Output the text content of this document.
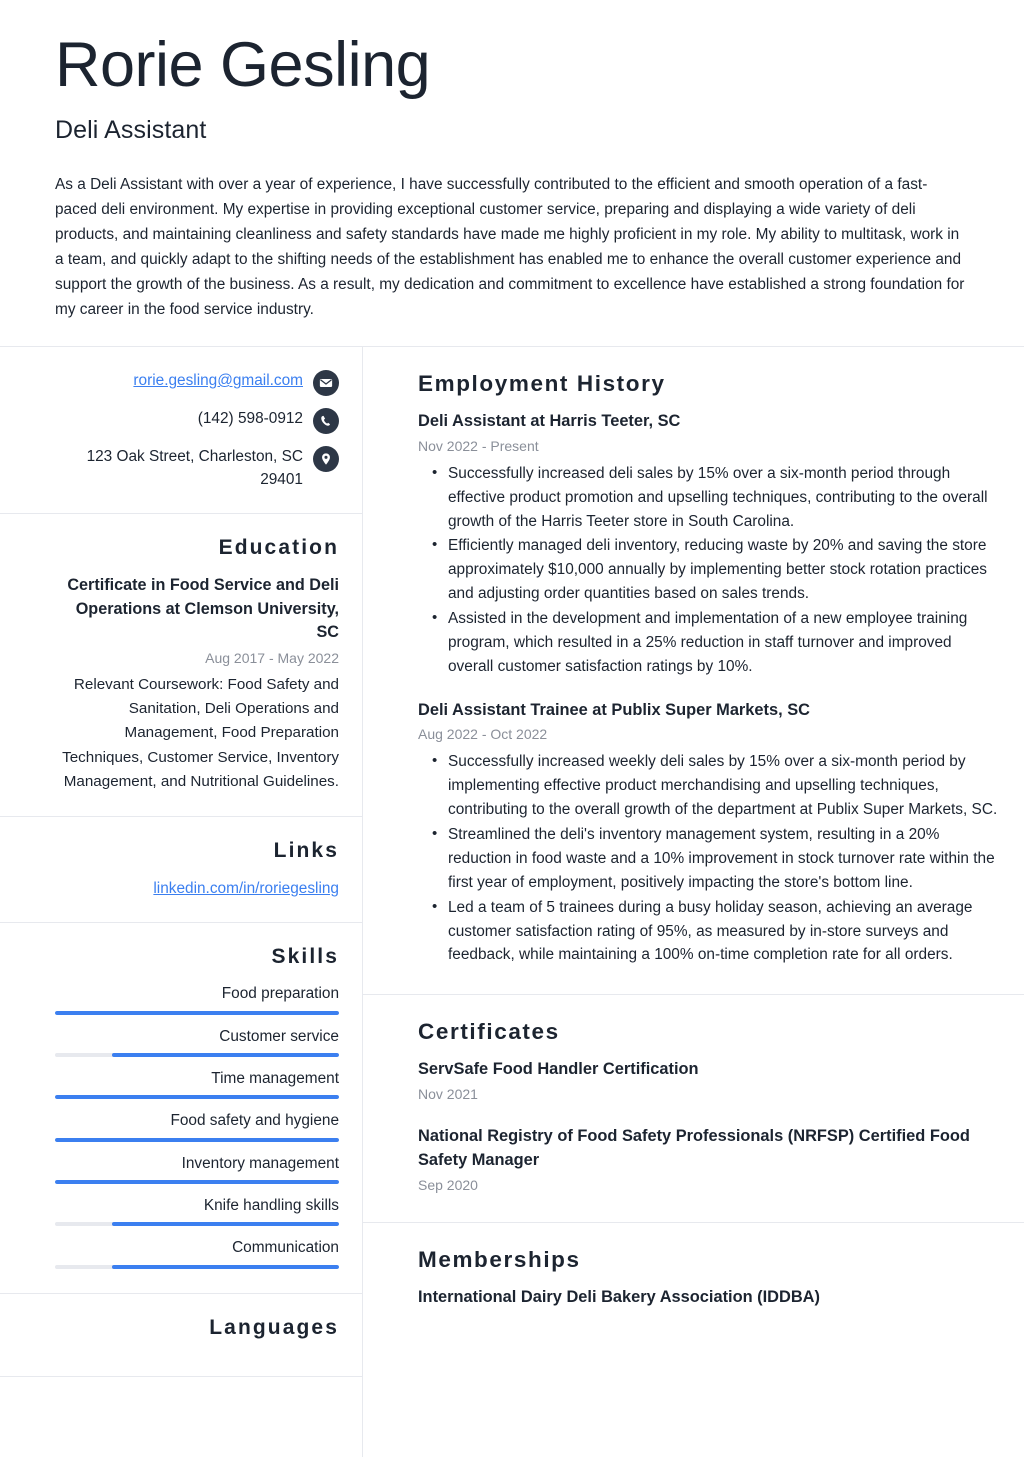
Rorie Gesling
Deli Assistant

As a Deli Assistant with over a year of experience, I have successfully contributed to the efficient and smooth operation of a fast-paced deli environment. My expertise in providing exceptional customer service, preparing and displaying a wide variety of deli products, and maintaining cleanliness and safety standards have made me highly proficient in my role. My ability to multitask, work in a team, and quickly adapt to the shifting needs of the establishment has enabled me to enhance the overall customer experience and support the growth of the business. As a result, my dedication and commitment to excellence have established a strong foundation for my career in the food service industry.

rorie.gesling@gmail.com
(142) 598-0912
123 Oak Street, Charleston, SC 29401
Education
Certificate in Food Service and Deli Operations at Clemson University, SC
Aug 2017 - May 2022
Relevant Coursework: Food Safety and Sanitation, Deli Operations and Management, Food Preparation Techniques, Customer Service, Inventory Management, and Nutritional Guidelines.
Links
linkedin.com/in/roriegesling
Skills
Food preparation
Customer service
Time management
Food safety and hygiene
Inventory management
Knife handling skills
Communication
Languages
Employment History
Deli Assistant at Harris Teeter, SC
Nov 2022 - Present
• Successfully increased deli sales by 15% over a six-month period through effective product promotion and upselling techniques, contributing to the overall growth of the Harris Teeter store in South Carolina.
• Efficiently managed deli inventory, reducing waste by 20% and saving the store approximately $10,000 annually by implementing better stock rotation practices and adjusting order quantities based on sales trends.
• Assisted in the development and implementation of a new employee training program, which resulted in a 25% reduction in staff turnover and improved overall customer satisfaction ratings by 10%.
Deli Assistant Trainee at Publix Super Markets, SC
Aug 2022 - Oct 2022
• Successfully increased weekly deli sales by 15% over a six-month period by implementing effective product merchandising and upselling techniques, contributing to the overall growth of the department at Publix Super Markets, SC.
• Streamlined the deli's inventory management system, resulting in a 20% reduction in food waste and a 10% improvement in stock turnover rate within the first year of employment, positively impacting the store's bottom line.
• Led a team of 5 trainees during a busy holiday season, achieving an average customer satisfaction rating of 95%, as measured by in-store surveys and feedback, while maintaining a 100% on-time completion rate for all orders.
Certificates
ServSafe Food Handler Certification
Nov 2021
National Registry of Food Safety Professionals (NRFSP) Certified Food Safety Manager
Sep 2020
Memberships
International Dairy Deli Bakery Association (IDDBA)
